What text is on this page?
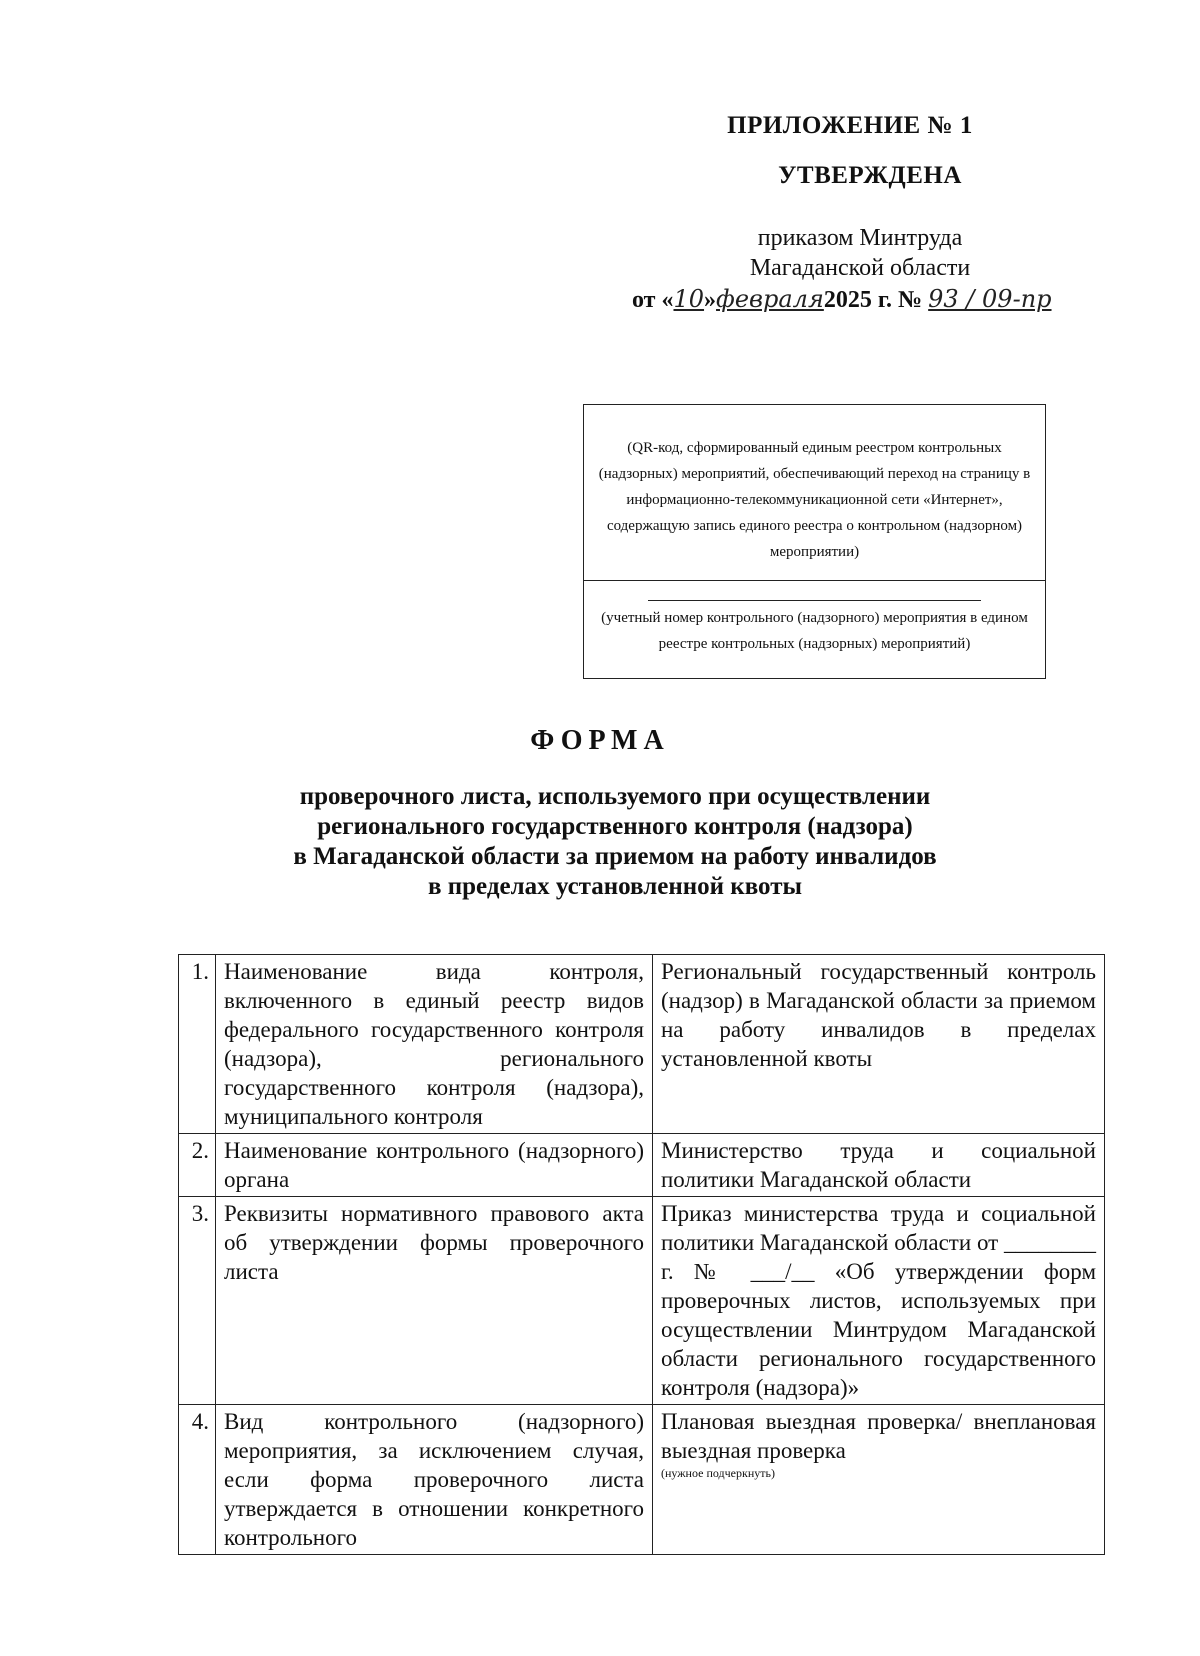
ПРИЛОЖЕНИЕ № 1
УТВЕРЖДЕНА
приказом Минтруда
Магаданской области
от «10»февраля2025 г. № 93 / 09-пр
(QR-код, сформированный единым реестром контрольных (надзорных) мероприятий, обеспечивающий переход на страницу в информационно-телекоммуникационной сети «Интернет», содержащую запись единого реестра о контрольном (надзорном) мероприятии)
(учетный номер контрольного (надзорного) мероприятия в едином реестре контрольных (надзорных) мероприятий)
ФОРМА
проверочного листа, используемого при осуществлении
регионального государственного контроля (надзора)
в Магаданской области за приемом на работу инвалидов
в пределах установленной квоты
1.	Наименование вида контроля, включенного в единый реестр видов федерального государственного контроля (надзора), регионального государственного контроля (надзора), муниципального контроля	Региональный государственный контроль (надзор) в Магаданской области за приемом на работу инвалидов в пределах установленной квоты
2.	Наименование контрольного (надзорного) органа	Министерство труда и социальной политики Магаданской области
3.	Реквизиты нормативного правового акта об утверждении формы проверочного листа	Приказ министерства труда и социальной политики Магаданской области от ________ г. № ___/__ «Об утверждении форм проверочных листов, используемых при осуществлении Минтрудом Магаданской области регионального государственного контроля (надзора)»
4.	Вид контрольного (надзорного) мероприятия, за исключением случая, если форма проверочного листа утверждается в отношении конкретного контрольного	Плановая выездная проверка/ внеплановая выездная проверка
(нужное подчеркнуть)
